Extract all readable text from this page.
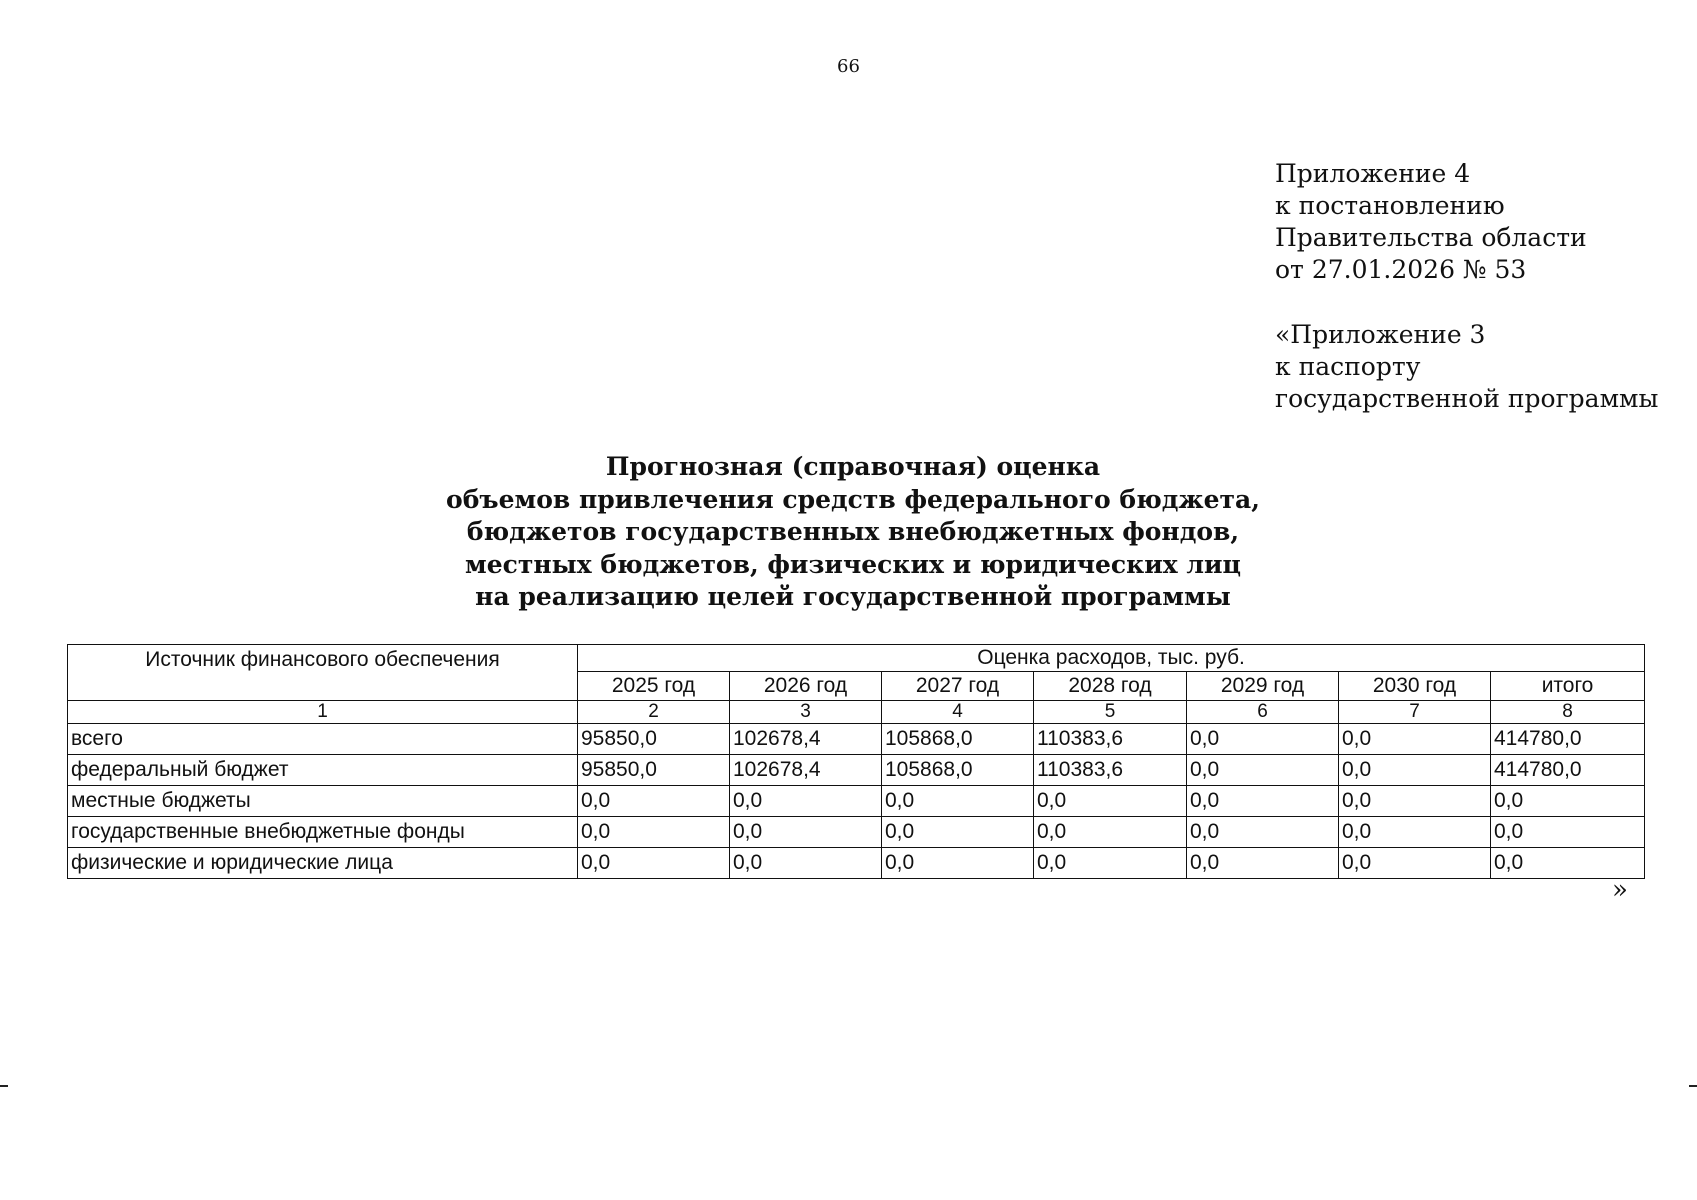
66
Приложение 4
к постановлению
Правительства области
от 27.01.2026 № 53
«Приложение 3
к паспорту
государственной программы
Прогнозная (справочная) оценка
объемов привлечения средств федерального бюджета,
бюджетов государственных внебюджетных фондов,
местных бюджетов, физических и юридических лиц
на реализацию целей государственной программы
Источник финансового обеспечения	Оценка расходов, тыс. руб.						
	2025 год	2026 год	2027 год	2028 год	2029 год	2030 год	итого
1	2	3	4	5	6	7	8
всего	95850,0	102678,4	105868,0	110383,6	0,0	0,0	414780,0
федеральный бюджет	95850,0	102678,4	105868,0	110383,6	0,0	0,0	414780,0
местные бюджеты	0,0	0,0	0,0	0,0	0,0	0,0	0,0
государственные внебюджетные фонды	0,0	0,0	0,0	0,0	0,0	0,0	0,0
физические и юридические лица	0,0	0,0	0,0	0,0	0,0	0,0	0,0
»
